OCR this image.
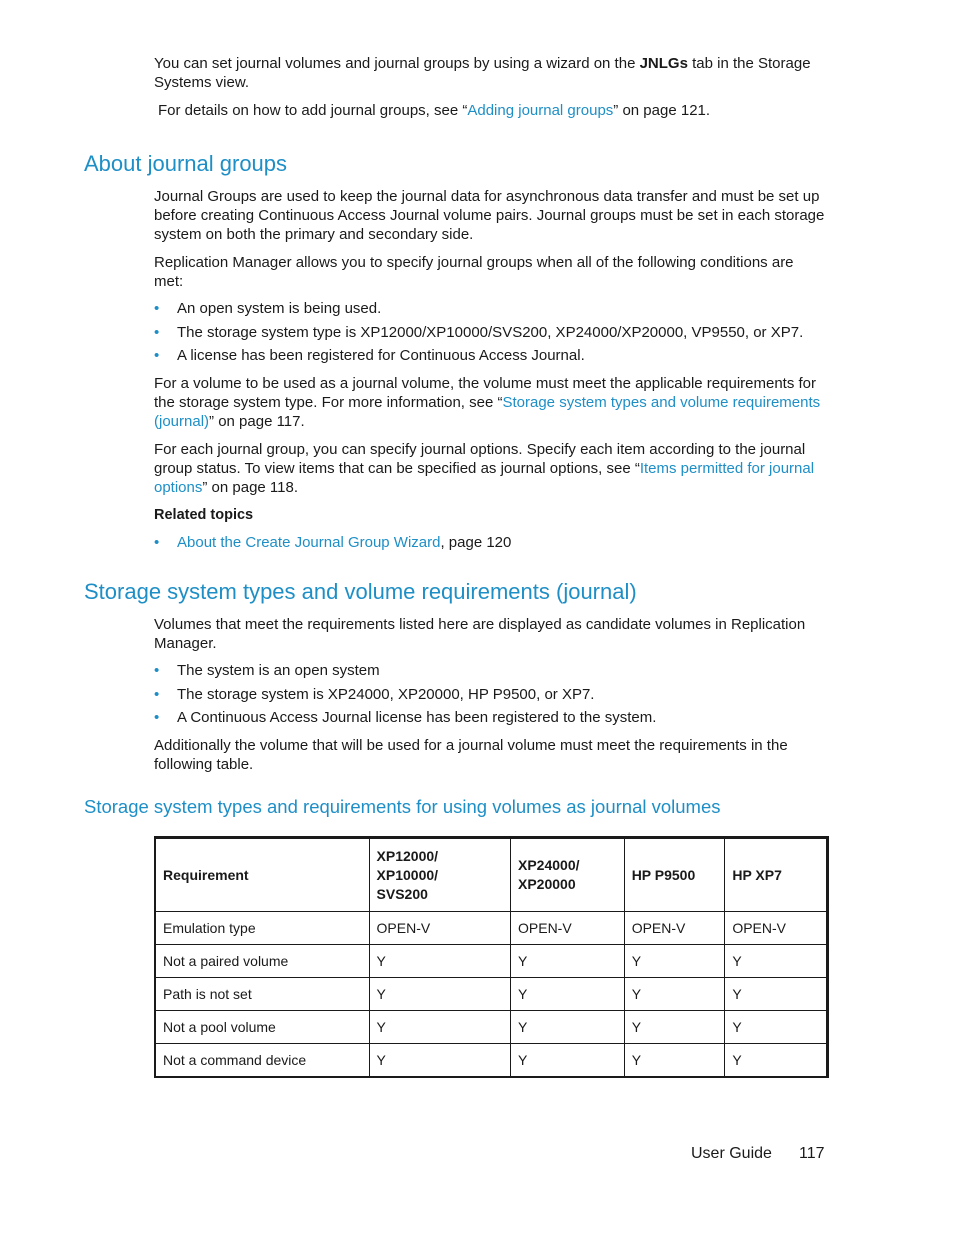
You can set journal volumes and journal groups by using a wizard on the JNLGs tab in the Storage
Systems view.
For details on how to add journal groups, see “Adding journal groups” on page 121.
About journal groups
Journal Groups are used to keep the journal data for asynchronous data transfer and must be set up
before creating Continuous Access Journal volume pairs. Journal groups must be set in each storage
system on both the primary and secondary side.
Replication Manager allows you to specify journal groups when all of the following conditions are
met:
• An open system is being used.
• The storage system type is XP12000/XP10000/SVS200, XP24000/XP20000, VP9550, or XP7.
• A license has been registered for Continuous Access Journal.
For a volume to be used as a journal volume, the volume must meet the applicable requirements for
the storage system type. For more information, see “Storage system types and volume requirements
(journal)” on page 117.
For each journal group, you can specify journal options. Specify each item according to the journal
group status. To view items that can be specified as journal options, see “Items permitted for journal
options” on page 118.
Related topics
• About the Create Journal Group Wizard, page 120
Storage system types and volume requirements (journal)
Volumes that meet the requirements listed here are displayed as candidate volumes in Replication
Manager.
• The system is an open system
• The storage system is XP24000, XP20000, HP P9500, or XP7.
• A Continuous Access Journal license has been registered to the system.
Additionally the volume that will be used for a journal volume must meet the requirements in the
following table.
Storage system types and requirements for using volumes as journal volumes
Requirement	XP12000/
XP10000/
SVS200	XP24000/
XP20000	HP P9500	HP XP7
Emulation type	OPEN-V	OPEN-V	OPEN-V	OPEN-V
Not a paired volume	Y	Y	Y	Y
Path is not set	Y	Y	Y	Y
Not a pool volume	Y	Y	Y	Y
Not a command device	Y	Y	Y	Y
User Guide 117
